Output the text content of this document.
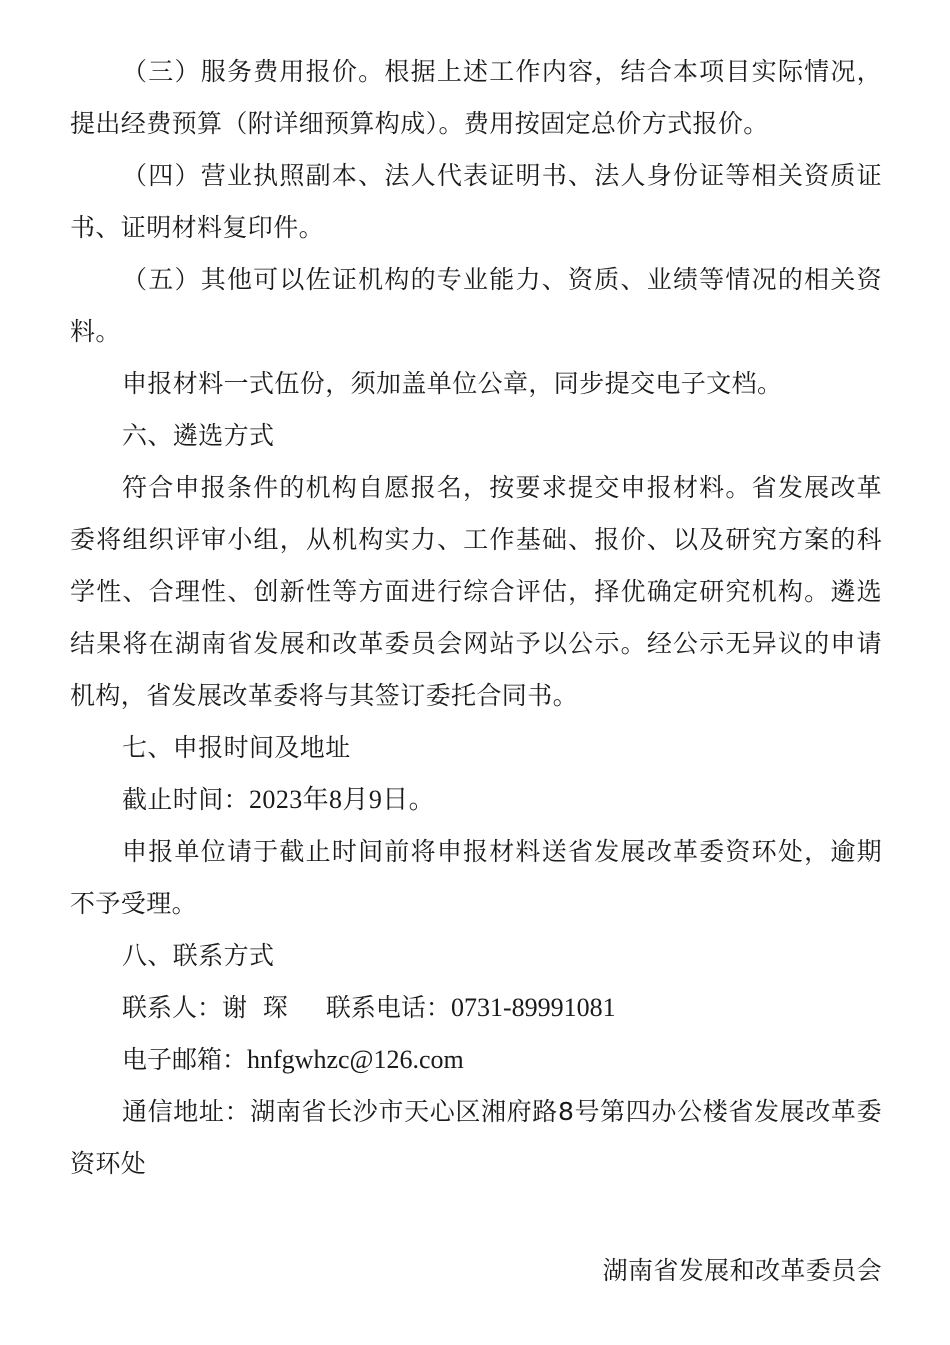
（三）服务费用报价。根据上述工作内容，结合本项目实际情况，提出经费预算（附详细预算构成）。费用按固定总价方式报价。

（四）营业执照副本、法人代表证明书、法人身份证等相关资质证书、证明材料复印件。

（五）其他可以佐证机构的专业能力、资质、业绩等情况的相关资料。

申报材料一式伍份，须加盖单位公章，同步提交电子文档。

六、遴选方式

符合申报条件的机构自愿报名，按要求提交申报材料。省发展改革委将组织评审小组，从机构实力、工作基础、报价、以及研究方案的科学性、合理性、创新性等方面进行综合评估，择优确定研究机构。遴选结果将在湖南省发展和改革委员会网站予以公示。经公示无异议的申请机构，省发展改革委将与其签订委托合同书。

七、申报时间及地址

截止时间：2023年8月9日。

申报单位请于截止时间前将申报材料送省发展改革委资环处，逾期不予受理。

八、联系方式

联系人：谢  琛 联系电话：0731-89991081

电子邮箱：hnfgwhzc@126.com

通信地址：湖南省长沙市天心区湘府路8号第四办公楼省发展改革委资环处

湖南省发展和改革委员会
